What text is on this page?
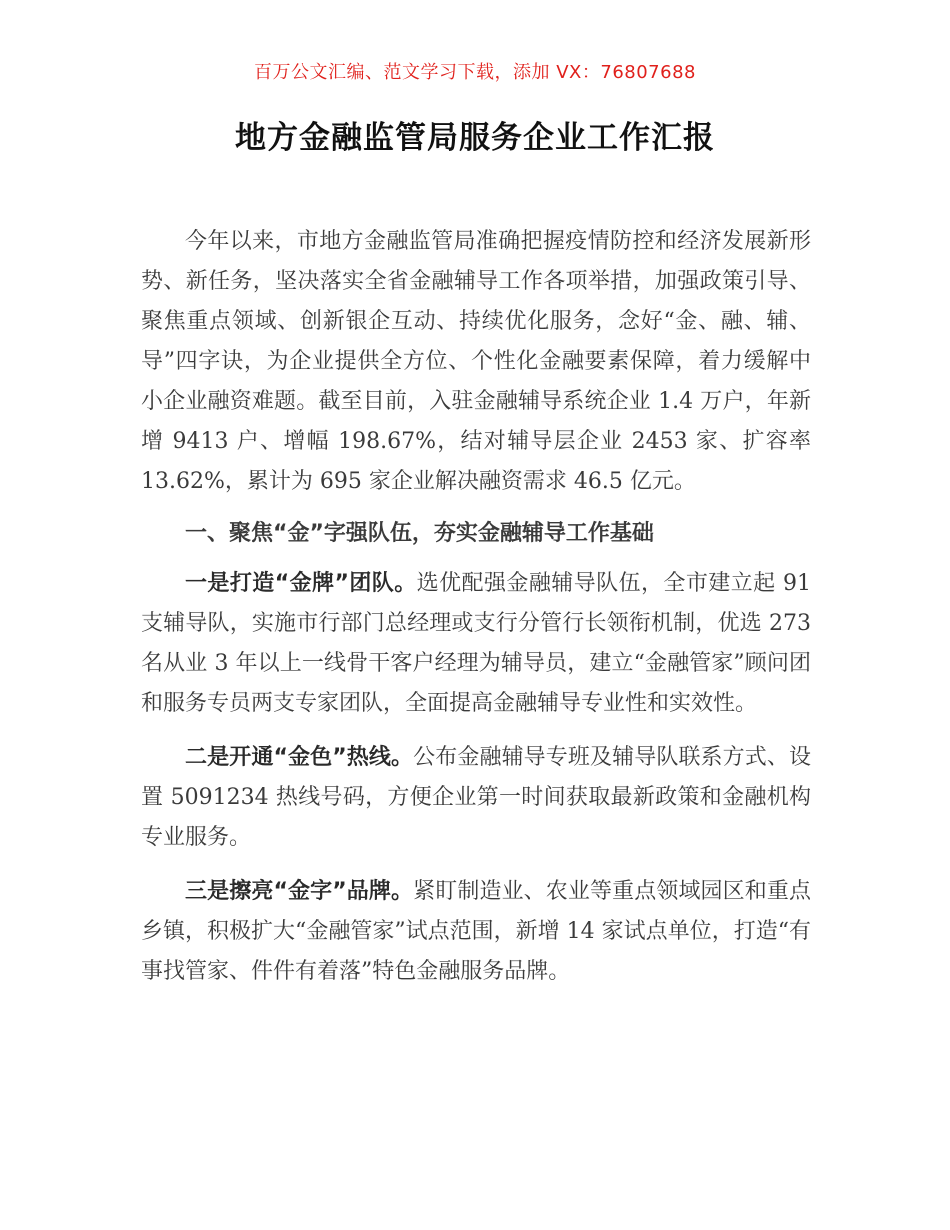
百万公文汇编、范文学习下载，添加 VX：76807688
地方金融监管局服务企业工作汇报

今年以来，市地方金融监管局准确把握疫情防控和经济发展新形势、新任务，坚决落实全省金融辅导工作各项举措，加强政策引导、聚焦重点领域、创新银企互动、持续优化服务，念好“金、融、辅、导”四字诀，为企业提供全方位、个性化金融要素保障，着力缓解中小企业融资难题。截至目前，入驻金融辅导系统企业 1.4 万户，年新增 9413 户、增幅 198.67%，结对辅导层企业 2453 家、扩容率 13.62%，累计为 695 家企业解决融资需求 46.5 亿元。

一、聚焦“金”字强队伍，夯实金融辅导工作基础

一是打造“金牌”团队。选优配强金融辅导队伍，全市建立起 91 支辅导队，实施市行部门总经理或支行分管行长领衔机制，优选 273 名从业 3 年以上一线骨干客户经理为辅导员，建立“金融管家”顾问团和服务专员两支专家团队，全面提高金融辅导专业性和实效性。

二是开通“金色”热线。公布金融辅导专班及辅导队联系方式、设置 5091234 热线号码，方便企业第一时间获取最新政策和金融机构专业服务。

三是擦亮“金字”品牌。紧盯制造业、农业等重点领域园区和重点乡镇，积极扩大“金融管家”试点范围，新增 14 家试点单位，打造“有事找管家、件件有着落”特色金融服务品牌。
